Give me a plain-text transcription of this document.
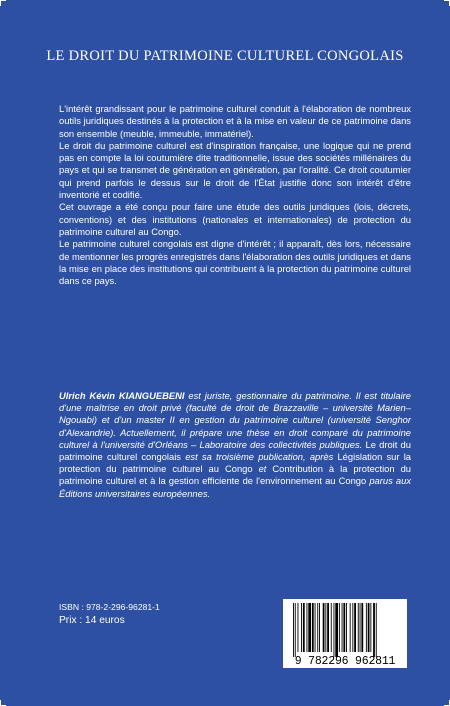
LE DROIT DU PATRIMOINE CULTUREL CONGOLAIS

L'intérêt grandissant pour le patrimoine culturel conduit à l'élaboration de nombreux outils juridiques destinés à la protection et à la mise en valeur de ce patrimoine dans son ensemble (meuble, immeuble, immatériel).

Le droit du patrimoine culturel est d'inspiration française, une logique qui ne prend pas en compte la loi coutumière dite traditionnelle, issue des sociétés millénaires du pays et qui se transmet de génération en génération, par l'oralité. Ce droit coutumier qui prend parfois le dessus sur le droit de l'État justifie donc son intérêt d'être inventorié et codifié.

Cet ouvrage a été conçu pour faire une étude des outils juridiques (lois, décrets, conventions) et des institutions (nationales et internationales) de protection du patrimoine culturel au Congo.

Le patrimoine culturel congolais est digne d'intérêt ; il apparaît, dès lors, nécessaire de mentionner les progrès enregistrés dans l'élaboration des outils juridiques et dans la mise en place des institutions qui contribuent à la protection du patrimoine culturel dans ce pays.

Ulrich Kévin KIANGUEBENI est juriste, gestionnaire du patrimoine. Il est titulaire d'une maîtrise en droit privé (faculté de droit de Brazzaville – université Marien–Ngouabi) et d'un master II en gestion du patrimoine culturel (université Senghor d'Alexandrie). Actuellement, il prépare une thèse en droit comparé du patrimoine culturel à l'université d'Orléans – Laboratoire des collectivités publiques. Le droit du patrimoine culturel congolais est sa troisième publication, après Législation sur la protection du patrimoine culturel au Congo et Contribution à la protection du patrimoine culturel et à la gestion efficiente de l'environnement au Congo parus aux Éditions universitaires européennes.
ISBN : 978-2-296-96281-1
Prix : 14 euros
9 782296 962811
